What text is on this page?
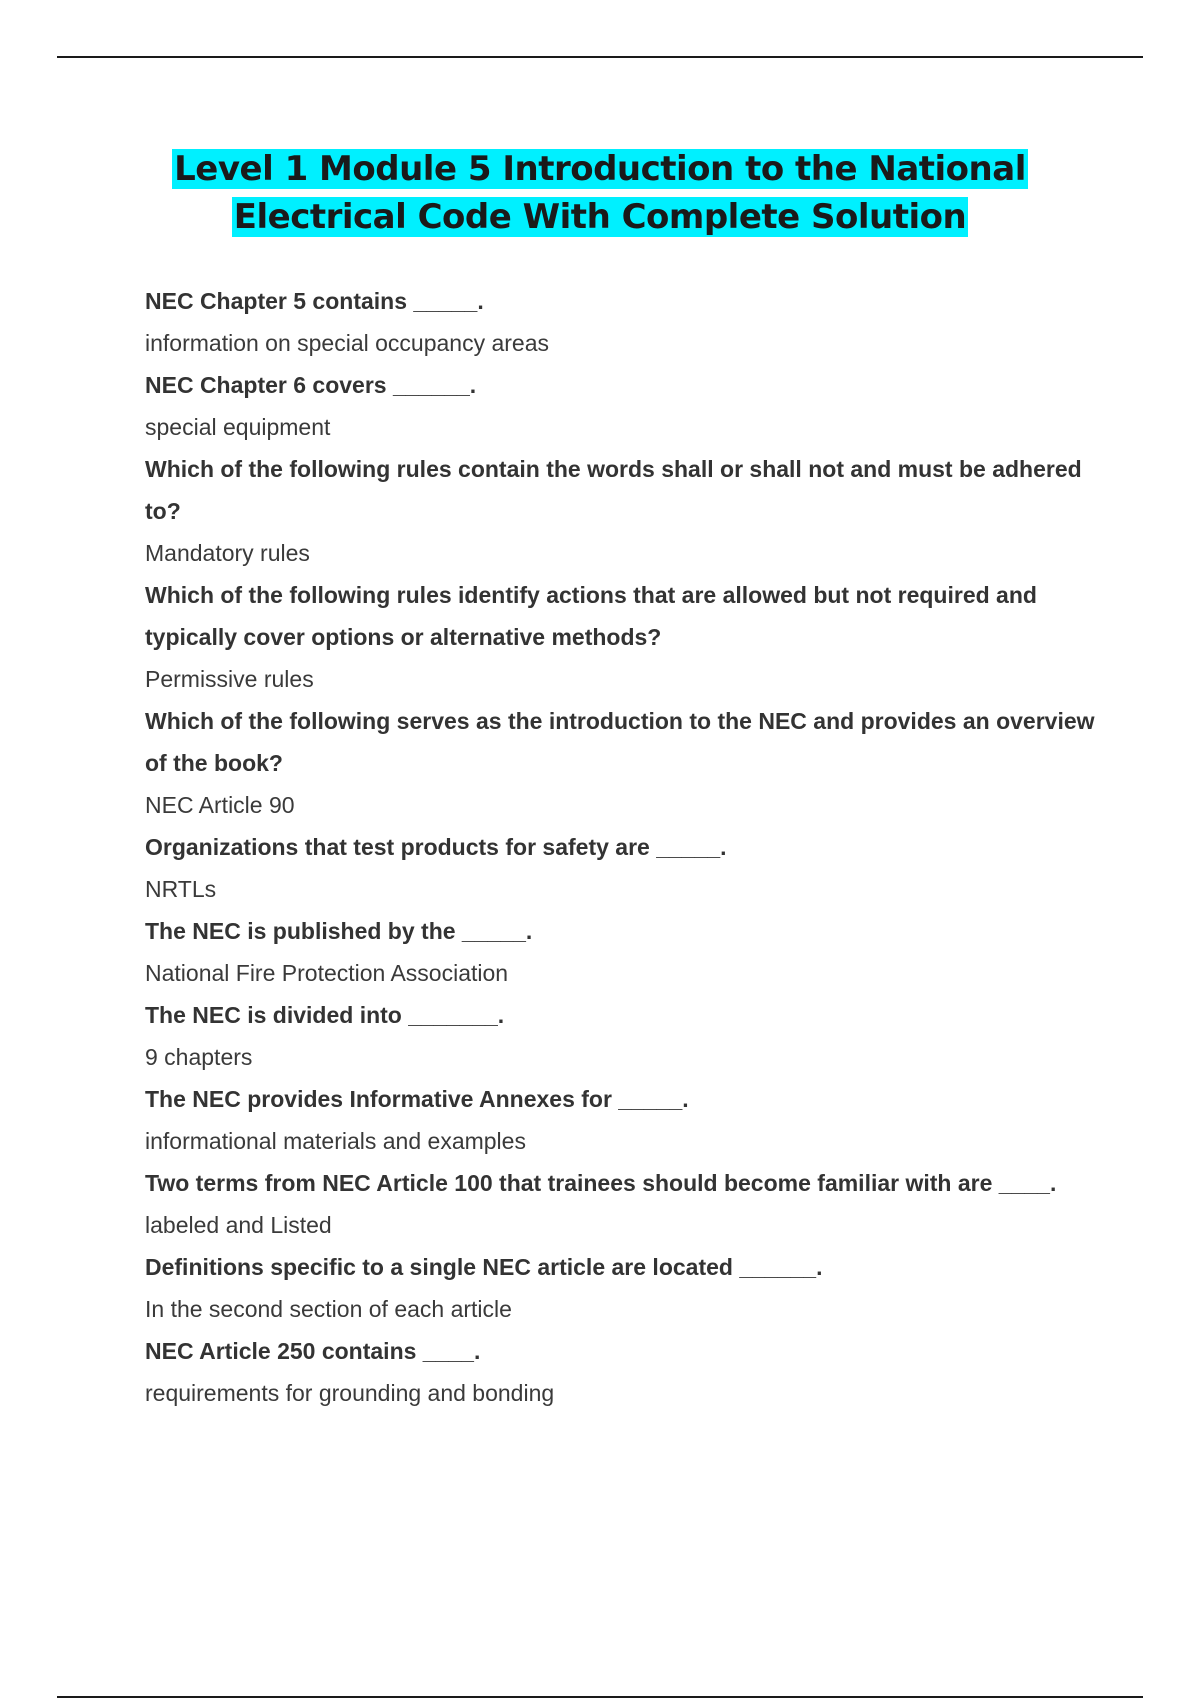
Level 1 Module 5 Introduction to the National Electrical Code With Complete Solution

NEC Chapter 5 contains _____.

information on special occupancy areas

NEC Chapter 6 covers ______.

special equipment

Which of the following rules contain the words shall or shall not and must be adhered to?

Mandatory rules

Which of the following rules identify actions that are allowed but not required and typically cover options or alternative methods?

Permissive rules

Which of the following serves as the introduction to the NEC and provides an overview of the book?

NEC Article 90

Organizations that test products for safety are _____.

NRTLs

The NEC is published by the _____.

National Fire Protection Association

The NEC is divided into _______.

9 chapters

The NEC provides Informative Annexes for _____.

informational materials and examples

Two terms from NEC Article 100 that trainees should become familiar with are ____.

labeled and Listed

Definitions specific to a single NEC article are located ______.

In the second section of each article

NEC Article 250 contains ____.

requirements for grounding and bonding
